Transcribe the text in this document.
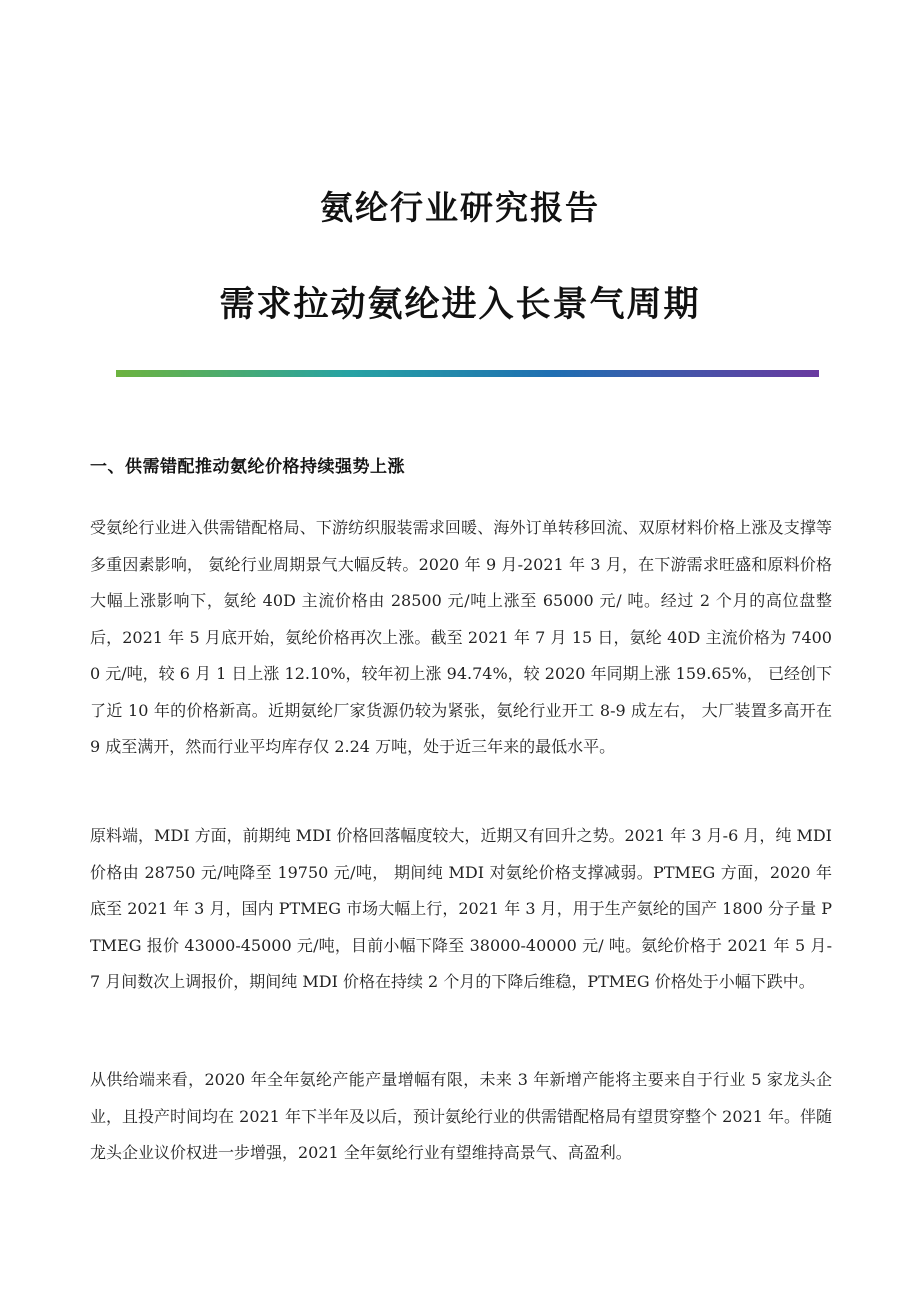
氨纶行业研究报告
需求拉动氨纶进入长景气周期
一、供需错配推动氨纶价格持续强势上涨

受氨纶行业进入供需错配格局、下游纺织服装需求回暖、海外订单转移回流、双原材料价格上涨及支撑等多重因素影响， 氨纶行业周期景气大幅反转。2020 年 9 月-2021 年 3 月，在下游需求旺盛和原料价格大幅上涨影响下，氨纶 40D 主流价格由 28500 元/吨上涨至 65000 元/ 吨。经过 2 个月的高位盘整后，2021 年 5 月底开始，氨纶价格再次上涨。截至 2021 年 7 月 15 日，氨纶 40D 主流价格为 74000 元/吨，较 6 月 1 日上涨 12.10%，较年初上涨 94.74%，较 2020 年同期上涨 159.65%， 已经创下了近 10 年的价格新高。近期氨纶厂家货源仍较为紧张，氨纶行业开工 8-9 成左右， 大厂装置多高开在 9 成至满开，然而行业平均库存仅 2.24 万吨，处于近三年来的最低水平。

原料端，MDI 方面，前期纯 MDI 价格回落幅度较大，近期又有回升之势。2021 年 3 月-6 月，纯 MDI 价格由 28750 元/吨降至 19750 元/吨， 期间纯 MDI 对氨纶价格支撑减弱。PTMEG 方面，2020 年底至 2021 年 3 月，国内 PTMEG 市场大幅上行，2021 年 3 月，用于生产氨纶的国产 1800 分子量 PTMEG 报价 43000-45000 元/吨，目前小幅下降至 38000-40000 元/ 吨。氨纶价格于 2021 年 5 月-7 月间数次上调报价，期间纯 MDI 价格在持续 2 个月的下降后维稳，PTMEG 价格处于小幅下跌中。

从供给端来看，2020 年全年氨纶产能产量增幅有限，未来 3 年新增产能将主要来自于行业 5 家龙头企业，且投产时间均在 2021 年下半年及以后，预计氨纶行业的供需错配格局有望贯穿整个 2021 年。伴随龙头企业议价权进一步增强，2021 全年氨纶行业有望维持高景气、高盈利。
